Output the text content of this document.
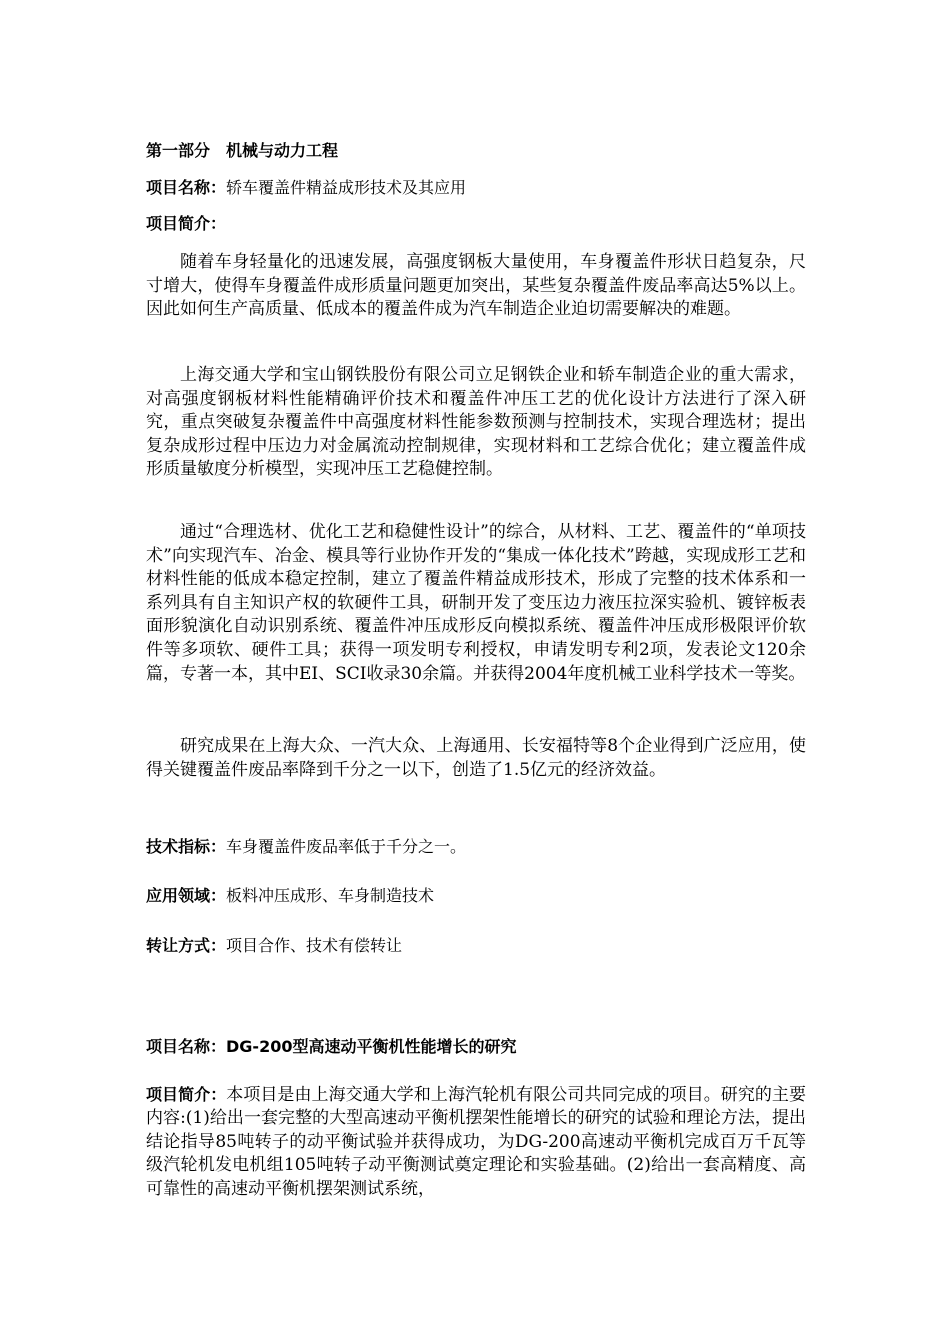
第一部分　机械与动力工程
项目名称：轿车覆盖件精益成形技术及其应用
项目简介：

随着车身轻量化的迅速发展，高强度钢板大量使用，车身覆盖件形状日趋复杂，尺寸增大，使得车身覆盖件成形质量问题更加突出，某些复杂覆盖件废品率高达5%以上。因此如何生产高质量、低成本的覆盖件成为汽车制造企业迫切需要解决的难题。

上海交通大学和宝山钢铁股份有限公司立足钢铁企业和轿车制造企业的重大需求，对高强度钢板材料性能精确评价技术和覆盖件冲压工艺的优化设计方法进行了深入研究，重点突破复杂覆盖件中高强度材料性能参数预测与控制技术，实现合理选材；提出复杂成形过程中压边力对金属流动控制规律，实现材料和工艺综合优化；建立覆盖件成形质量敏度分析模型，实现冲压工艺稳健控制。

通过“合理选材、优化工艺和稳健性设计”的综合，从材料、工艺、覆盖件的“单项技术”向实现汽车、冶金、模具等行业协作开发的“集成一体化技术”跨越，实现成形工艺和材料性能的低成本稳定控制，建立了覆盖件精益成形技术，形成了完整的技术体系和一系列具有自主知识产权的软硬件工具，研制开发了变压边力液压拉深实验机、镀锌板表面形貌演化自动识别系统、覆盖件冲压成形反向模拟系统、覆盖件冲压成形极限评价软件等多项软、硬件工具；获得一项发明专利授权，申请发明专利2项，发表论文120余篇，专著一本，其中EI、SCI收录30余篇。并获得2004年度机械工业科学技术一等奖。

研究成果在上海大众、一汽大众、上海通用、长安福特等8个企业得到广泛应用，使得关键覆盖件废品率降到千分之一以下，创造了1.5亿元的经济效益。

技术指标：车身覆盖件废品率低于千分之一。
应用领域：板料冲压成形、车身制造技术
转让方式：项目合作、技术有偿转让
项目名称：DG-200型高速动平衡机性能增长的研究

项目简介：本项目是由上海交通大学和上海汽轮机有限公司共同完成的项目。研究的主要内容:(1)给出一套完整的大型高速动平衡机摆架性能增长的研究的试验和理论方法，提出结论指导85吨转子的动平衡试验并获得成功，为DG-200高速动平衡机完成百万千瓦等级汽轮机发电机组105吨转子动平衡测试奠定理论和实验基础。(2)给出一套高精度、高可靠性的高速动平衡机摆架测试系统，
